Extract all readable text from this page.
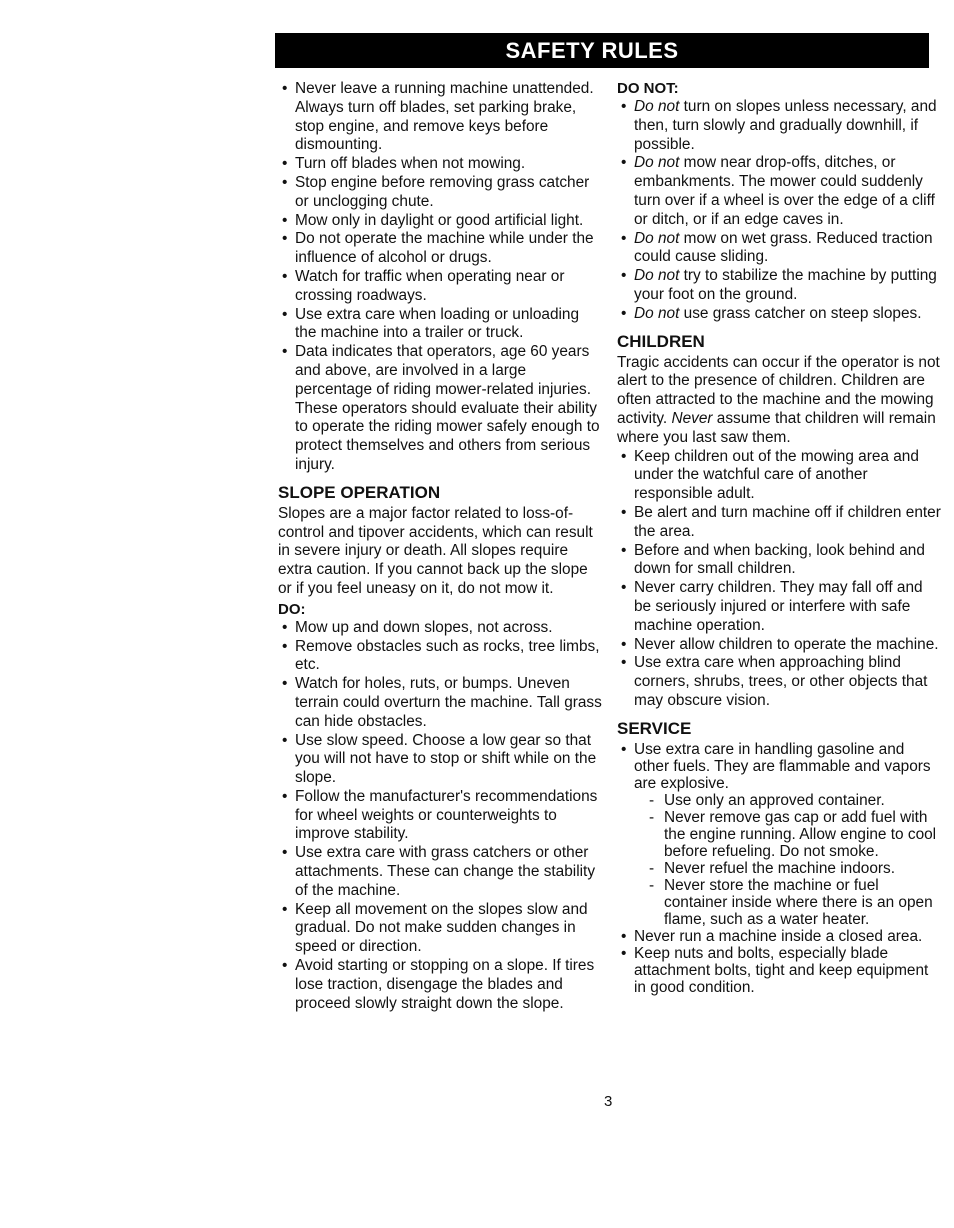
SAFETY RULES
• Never leave a running machine unattended. Always turn off blades, set parking brake, stop engine, and remove keys before dismounting.
• Turn off blades when not mowing.
• Stop engine before removing grass catcher or unclogging chute.
• Mow only in daylight or good artificial light.
• Do not operate the machine while under the influence of alcohol or drugs.
• Watch for traffic when operating near or crossing roadways.
• Use extra care when loading or unloading the machine into a trailer or truck.
• Data indicates that operators, age 60 years and above, are involved in a large percentage of riding mower-related injuries. These operators should evaluate their ability to operate the riding mower safely enough to protect themselves and others from serious injury.
SLOPE OPERATION

Slopes are a major factor related to loss-of-control and tipover accidents, which can result in severe injury or death. All slopes require extra caution. If you cannot back up the slope or if you feel uneasy on it, do not mow it.

DO:
• Mow up and down slopes, not across.
• Remove obstacles such as rocks, tree limbs, etc.
• Watch for holes, ruts, or bumps. Uneven terrain could overturn the machine. Tall grass can hide obstacles.
• Use slow speed. Choose a low gear so that you will not have to stop or shift while on the slope.
• Follow the manufacturer's recommendations for wheel weights or counterweights to improve stability.
• Use extra care with grass catchers or other attachments. These can change the stability of the machine.
• Keep all movement on the slopes slow and gradual. Do not make sudden changes in speed or direction.
• Avoid starting or stopping on a slope. If tires lose traction, disengage the blades and proceed slowly straight down the slope.
DO NOT:
• Do not turn on slopes unless necessary, and then, turn slowly and gradually downhill, if possible.
• Do not mow near drop-offs, ditches, or embankments. The mower could suddenly turn over if a wheel is over the edge of a cliff or ditch, or if an edge caves in.
• Do not mow on wet grass. Reduced traction could cause sliding.
• Do not try to stabilize the machine by putting your foot on the ground.
• Do not use grass catcher on steep slopes.
CHILDREN

Tragic accidents can occur if the operator is not alert to the presence of children. Children are often attracted to the machine and the mowing activity. Never assume that children will remain where you last saw them.

• Keep children out of the mowing area and under the watchful care of another responsible adult.
• Be alert and turn machine off if children enter the area.
• Before and when backing, look behind and down for small children.
• Never carry children. They may fall off and be seriously injured or interfere with safe machine operation.
• Never allow children to operate the machine.
• Use extra care when approaching blind corners, shrubs, trees, or other objects that may obscure vision.
SERVICE
• Use extra care in handling gasoline and other fuels. They are flammable and vapors are explosive.
- Use only an approved container.
- Never remove gas cap or add fuel with the engine running. Allow engine to cool before refueling. Do not smoke.
- Never refuel the machine indoors.
- Never store the machine or fuel container inside where there is an open flame, such as a water heater.
• Never run a machine inside a closed area.
• Keep nuts and bolts, especially blade attachment bolts, tight and keep equipment in good condition.
3
